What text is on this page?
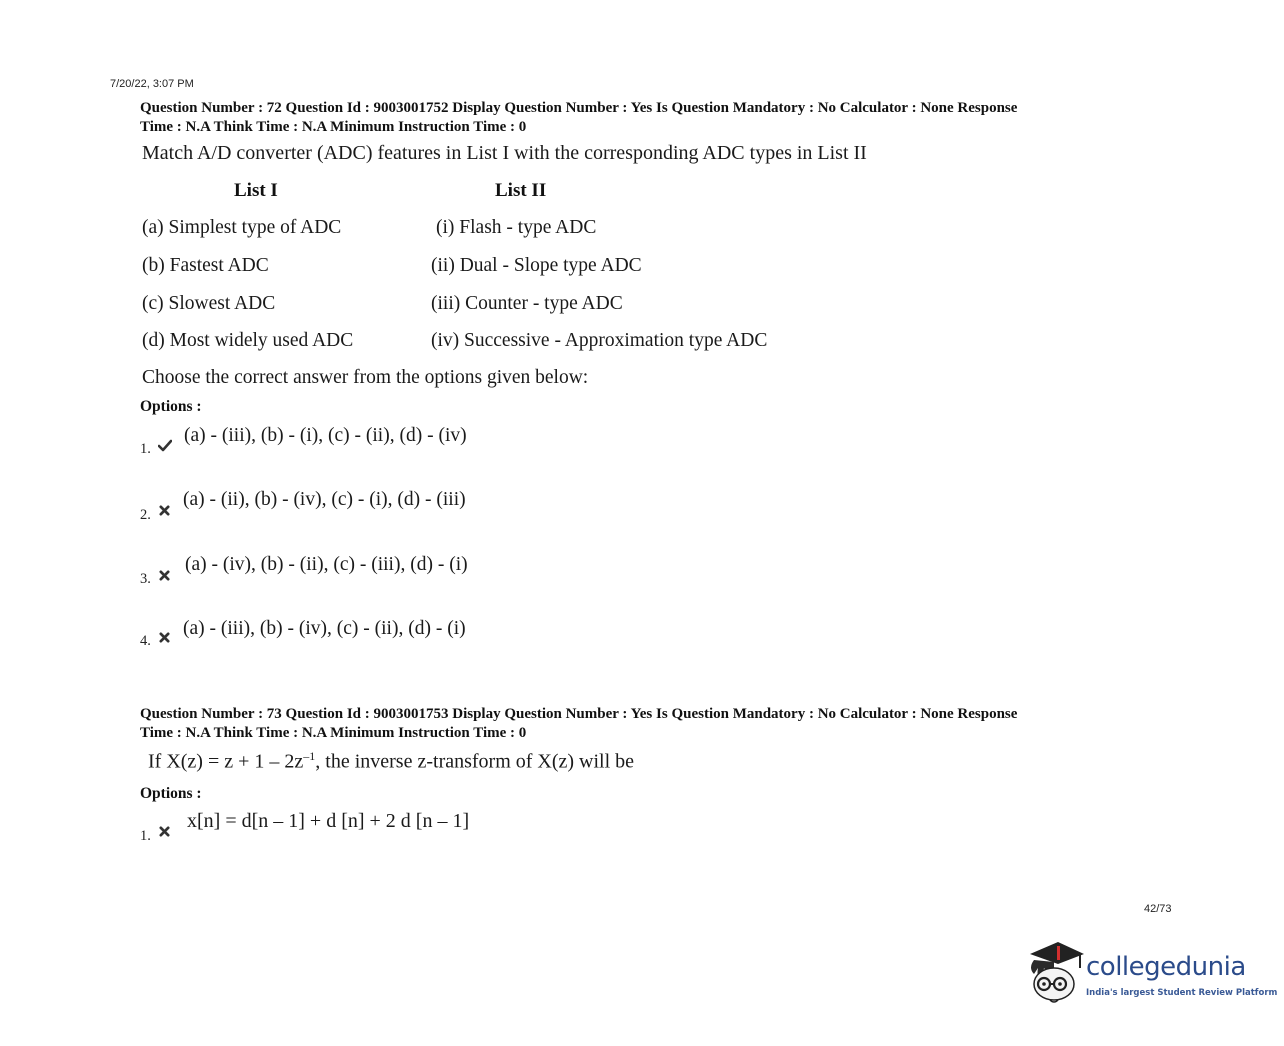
7/20/22, 3:07 PM
Question Number : 72 Question Id : 9003001752 Display Question Number : Yes Is Question Mandatory : No Calculator : None Response
Time : N.A Think Time : N.A Minimum Instruction Time : 0
Match A/D converter (ADC) features in List I with the corresponding ADC types in List II
List I	List II
(a) Simplest type of ADC	(i) Flash - type ADC
(b) Fastest ADC	(ii) Dual - Slope type ADC
(c) Slowest ADC	(iii) Counter - type ADC
(d) Most widely used ADC	(iv) Successive - Approximation type ADC
Choose the correct answer from the options given below:
Options :
1.
(a) - (iii), (b) - (i), (c) - (ii), (d) - (iv)
2.
(a) - (ii), (b) - (iv), (c) - (i), (d) - (iii)
3.
(a) - (iv), (b) - (ii), (c) - (iii), (d) - (i)
4.
(a) - (iii), (b) - (iv), (c) - (ii), (d) - (i)
Question Number : 73 Question Id : 9003001753 Display Question Number : Yes Is Question Mandatory : No Calculator : None Response
Time : N.A Think Time : N.A Minimum Instruction Time : 0
If $X(z) = z + 1 - 2z^{-1}$, the inverse z-transform of X(z) will be
Options :
1.
x[n] = d[n – 1] + d [n] + 2 d [n – 1]
42/73
collegedunia
India's largest Student Review Platform
